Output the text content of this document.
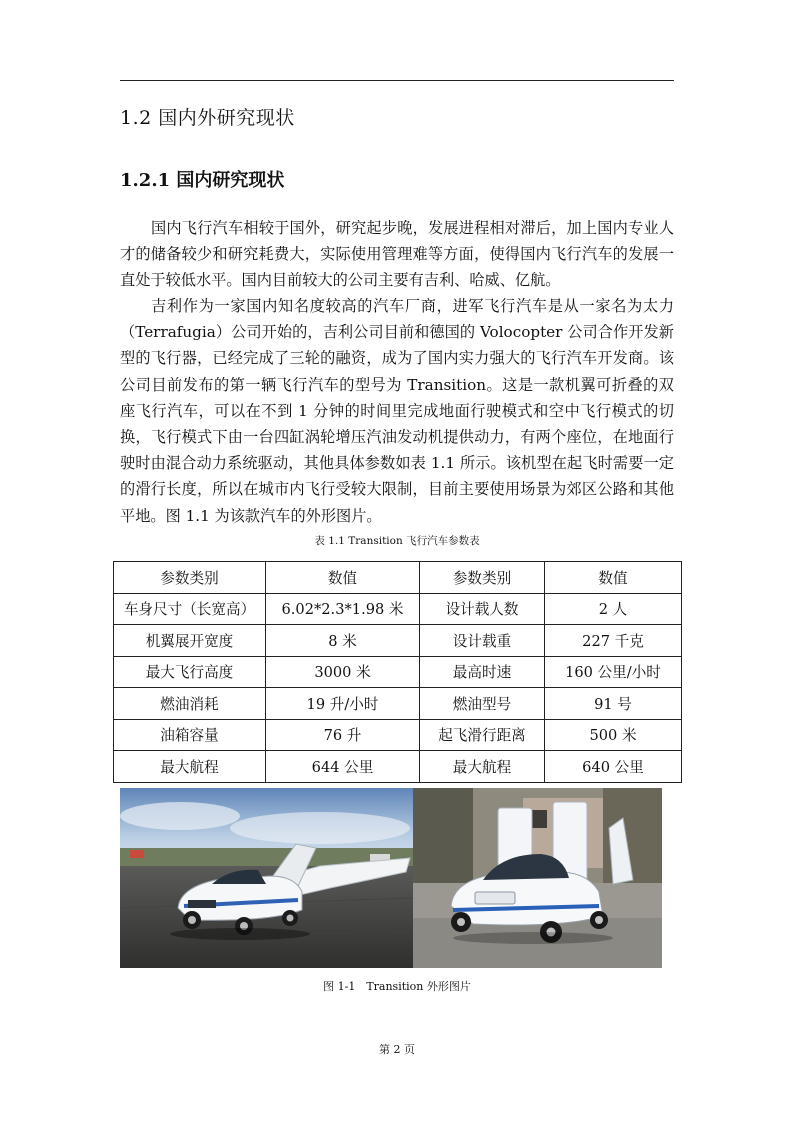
1.2 国内外研究现状
1.2.1 国内研究现状

国内飞行汽车相较于国外，研究起步晚，发展进程相对滞后，加上国内专业人才的储备较少和研究耗费大，实际使用管理难等方面，使得国内飞行汽车的发展一直处于较低水平。国内目前较大的公司主要有吉利、哈威、亿航。

吉利作为一家国内知名度较高的汽车厂商，进军飞行汽车是从一家名为太力（Terrafugia）公司开始的，吉利公司目前和德国的 Volocopter 公司合作开发新型的飞行器，已经完成了三轮的融资，成为了国内实力强大的飞行汽车开发商。该公司目前发布的第一辆飞行汽车的型号为 Transition。这是一款机翼可折叠的双座飞行汽车，可以在不到 1 分钟的时间里完成地面行驶模式和空中飞行模式的切换，飞行模式下由一台四缸涡轮增压汽油发动机提供动力，有两个座位，在地面行驶时由混合动力系统驱动，其他具体参数如表 1.1 所示。该机型在起飞时需要一定的滑行长度，所以在城市内飞行受较大限制，目前主要使用场景为郊区公路和其他平地。图 1.1 为该款汽车的外形图片。

表 1.1 Transition 飞行汽车参数表
参数类别	数值	参数类别	数值
车身尺寸（长宽高）	6.02*2.3*1.98 米	设计载人数	2 人
机翼展开宽度	8 米	设计载重	227 千克
最大飞行高度	3000 米	最高时速	160 公里/小时
燃油消耗	19 升/小时	燃油型号	91 号
油箱容量	76 升	起飞滑行距离	500 米
最大航程	644 公里	最大航程	640 公里
图 1-1　Transition 外形图片
第 2 页
